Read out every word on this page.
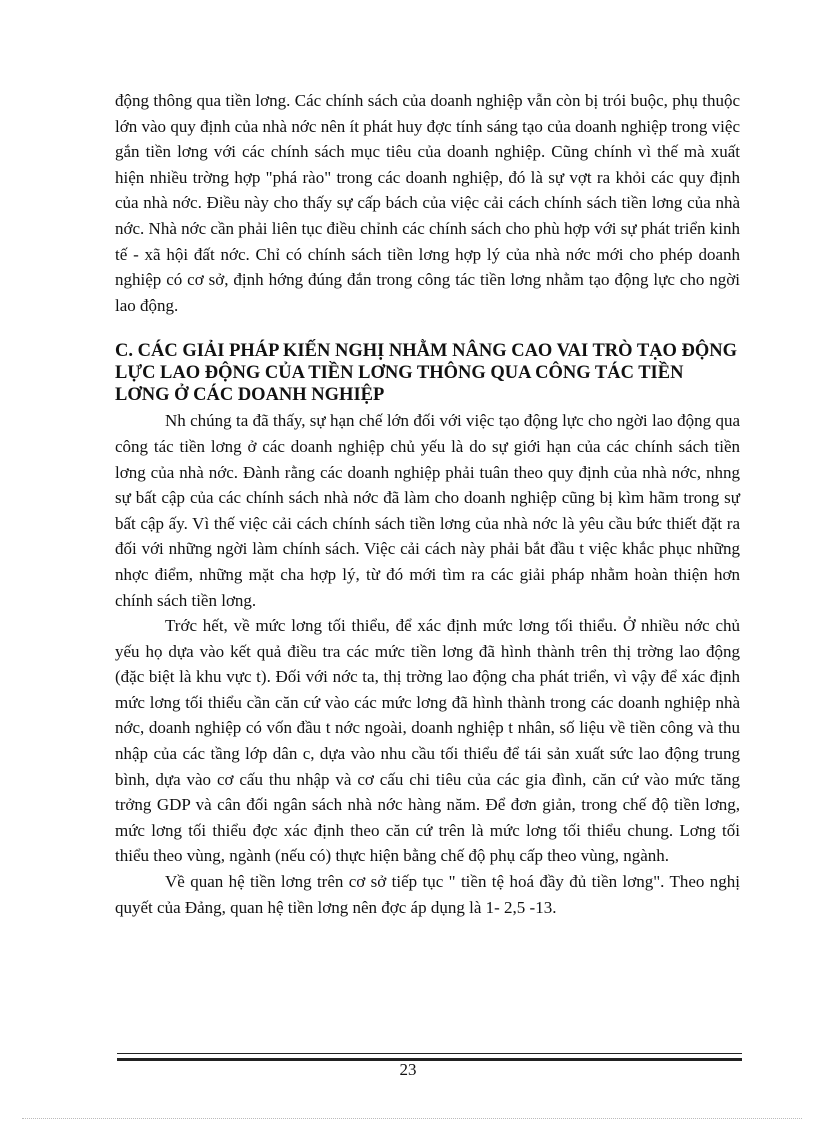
động thông qua tiền lơng. Các chính sách của doanh nghiệp vẫn còn bị trói buộc, phụ thuộc lớn vào quy định của nhà nớc nên ít phát huy đợc tính sáng tạo của doanh nghiệp trong việc gắn tiền lơng với các chính sách mục tiêu của doanh nghiệp. Cũng chính vì thế mà xuất hiện nhiều trờng hợp "phá rào" trong các doanh nghiệp, đó là sự vợt ra khỏi các quy định của nhà nớc. Điều này cho thấy sự cấp bách của việc cải cách chính sách tiền lơng của nhà nớc. Nhà nớc cần phải liên tục điều chỉnh các chính sách cho phù hợp với sự phát triển kinh tế - xã hội đất nớc. Chỉ có chính sách tiền lơng hợp lý của nhà nớc mới cho phép doanh nghiệp có cơ sở, định hớng đúng đắn trong công tác tiền lơng nhằm tạo động lực cho ngời lao động.

C. CÁC GIẢI PHÁP KIẾN NGHỊ NHẰM NÂNG CAO VAI TRÒ TẠO ĐỘNG LỰC LAO ĐỘNG CỦA TIỀN LƠNG THÔNG QUA CÔNG TÁC TIỀN LƠNG Ở CÁC DOANH NGHIỆP

Nh chúng ta đã thấy, sự hạn chế lớn đối với việc tạo động lực cho ngời lao động qua công tác tiền lơng ở các doanh nghiệp chủ yếu là do sự giới hạn của các chính sách tiền lơng của nhà nớc. Đành rằng các doanh nghiệp phải tuân theo quy định của nhà nớc, nhng sự bất cập của các chính sách nhà nớc đã làm cho doanh nghiệp cũng bị kìm hãm trong sự bất cập ấy. Vì thế việc cải cách chính sách tiền lơng của nhà nớc là yêu cầu bức thiết đặt ra đối với những ngời làm chính sách. Việc cải cách này phải bắt đầu t việc khắc phục những nhợc điểm, những mặt cha hợp lý, từ đó mới tìm ra các giải pháp nhằm hoàn thiện hơn chính sách tiền lơng.

Trớc hết, về mức lơng tối thiểu, để xác định mức lơng tối thiểu. Ở nhiều nớc chủ yếu họ dựa vào kết quả điều tra các mức tiền lơng đã hình thành trên thị trờng lao động (đặc biệt là khu vực t). Đối với nớc ta, thị trờng lao động cha phát triển, vì vậy để xác định mức lơng tối thiểu cần căn cứ vào các mức lơng đã hình thành trong các doanh nghiệp nhà nớc, doanh nghiệp có vốn đầu t nớc ngoài, doanh nghiệp t nhân, số liệu về tiền công và thu nhập của các tầng lớp dân c, dựa vào nhu cầu tối thiểu để tái sản xuất sức lao động trung bình, dựa vào cơ cấu thu nhập và cơ cấu chi tiêu của các gia đình, căn cứ vào mức tăng trởng GDP và cân đối ngân sách nhà nớc hàng năm. Để đơn giản, trong chế độ tiền lơng, mức lơng tối thiểu đợc xác định theo căn cứ trên là mức lơng tối thiểu chung. Lơng tối thiểu theo vùng, ngành (nếu có) thực hiện bằng chế độ phụ cấp theo vùng, ngành.

Về quan hệ tiền lơng trên cơ sở tiếp tục " tiền tệ hoá đầy đủ tiền lơng". Theo nghị quyết của Đảng, quan hệ tiền lơng nên đợc áp dụng là 1- 2,5 -13.

23
